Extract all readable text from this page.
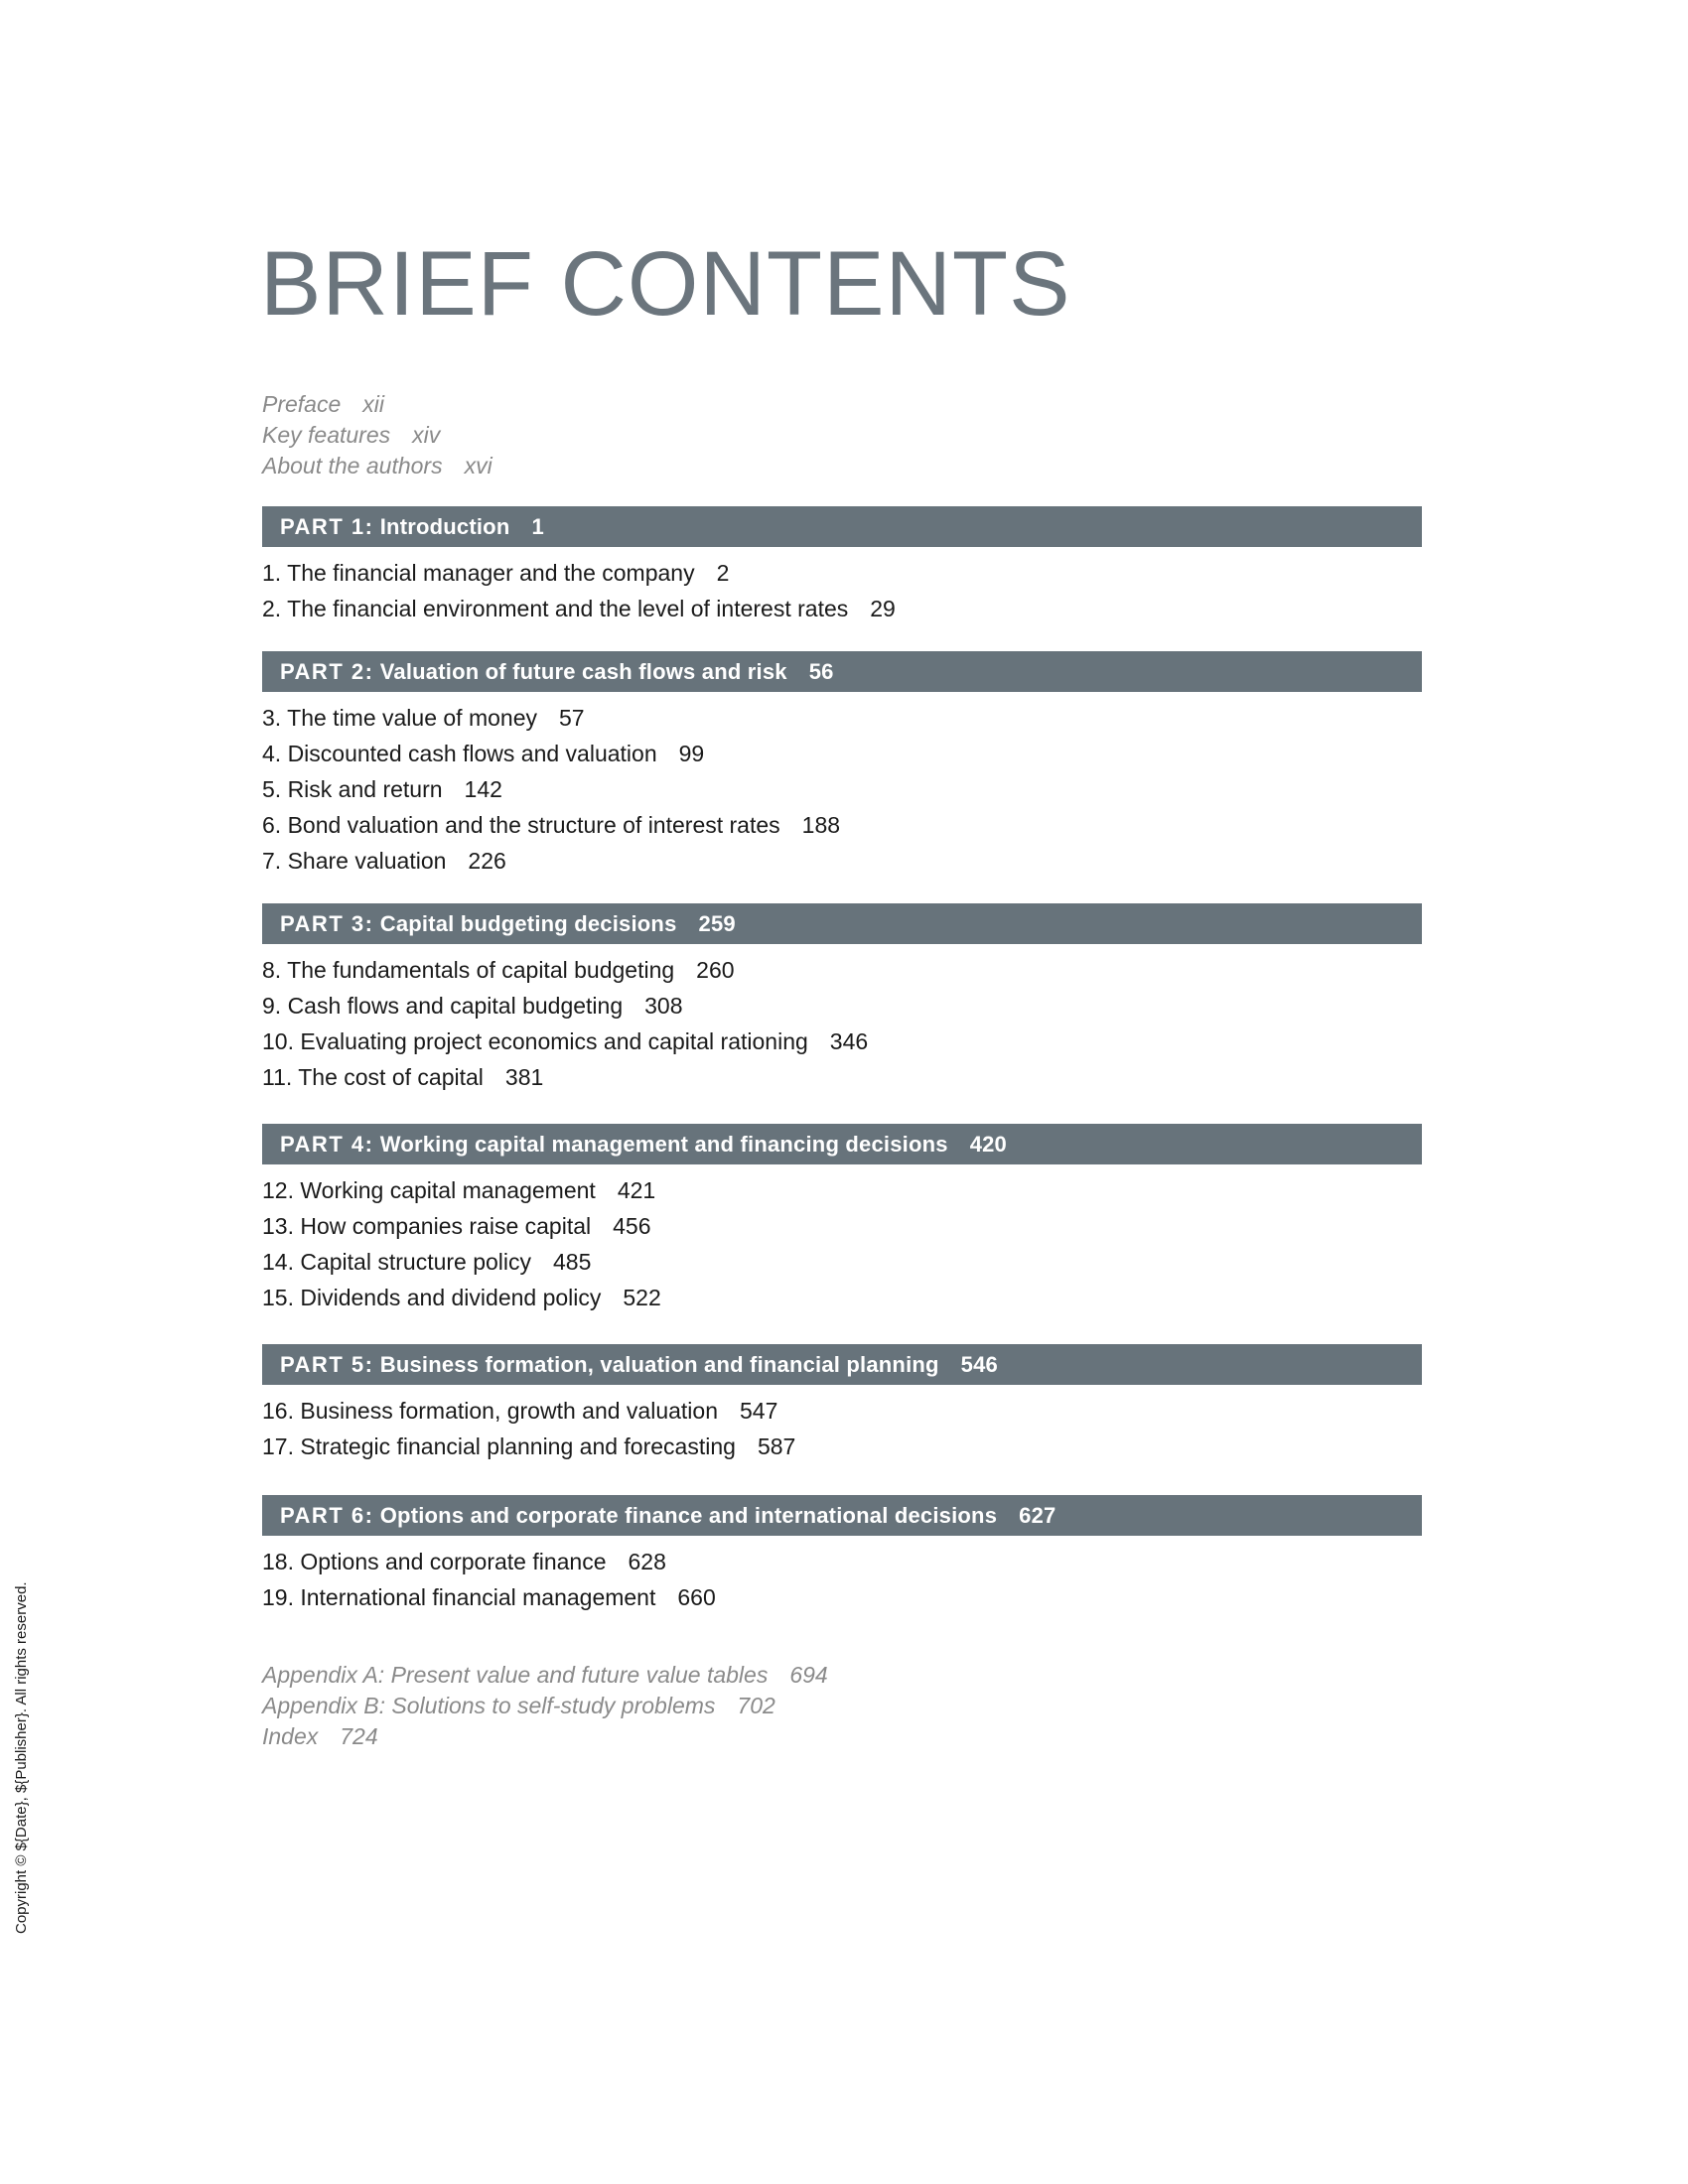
BRIEF CONTENTS
Preface xii
Key features xiv
About the authors xvi
PART 1: Introduction 1
1. The financial manager and the company 2
2. The financial environment and the level of interest rates 29
PART 2: Valuation of future cash flows and risk 56
3. The time value of money 57
4. Discounted cash flows and valuation 99
5. Risk and return 142
6. Bond valuation and the structure of interest rates 188
7. Share valuation 226
PART 3: Capital budgeting decisions 259
8. The fundamentals of capital budgeting 260
9. Cash flows and capital budgeting 308
10. Evaluating project economics and capital rationing 346
11. The cost of capital 381
PART 4: Working capital management and financing decisions 420
12. Working capital management 421
13. How companies raise capital 456
14. Capital structure policy 485
15. Dividends and dividend policy 522
PART 5: Business formation, valuation and financial planning 546
16. Business formation, growth and valuation 547
17. Strategic financial planning and forecasting 587
PART 6: Options and corporate finance and international decisions 627
18. Options and corporate finance 628
19. International financial management 660
Appendix A: Present value and future value tables 694
Appendix B: Solutions to self-study problems 702
Index 724
Copyright © ${Date}, ${Publisher}. All rights reserved.
